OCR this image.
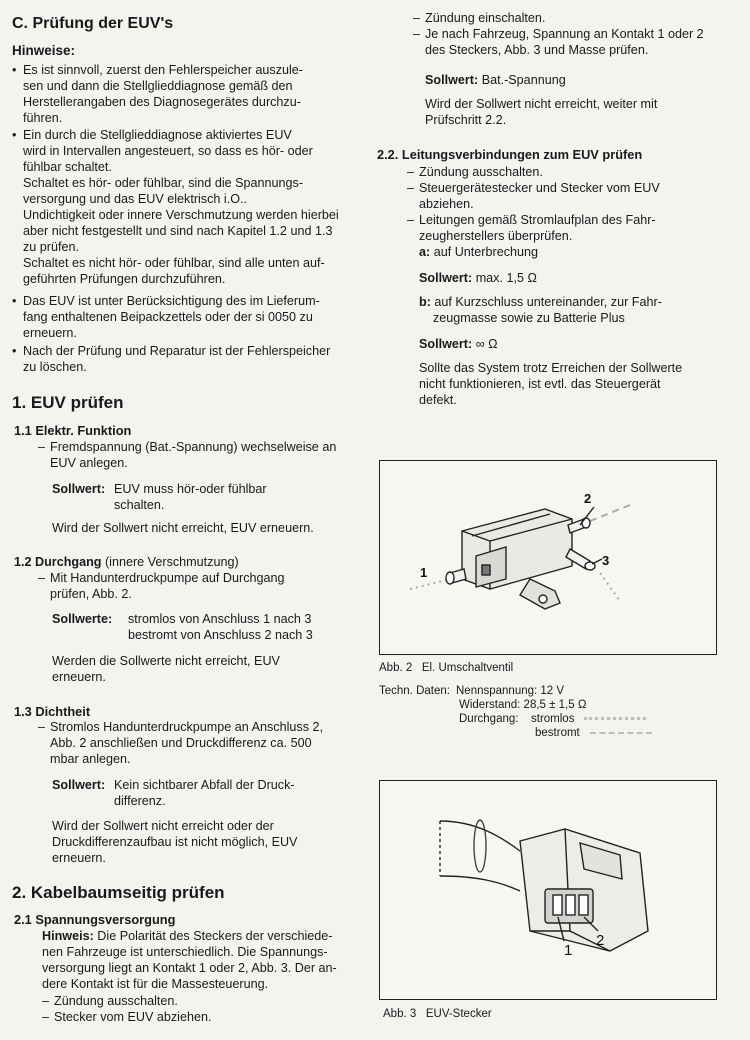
C. Prüfung der EUV's
Hinweise:
• Es ist sinnvoll, zuerst den Fehlerspeicher auszule-
sen und dann die Stellglieddiagnose gemäß den
Herstellerangaben des Diagnosegerätes durchzu-
führen.
• Ein durch die Stellglieddiagnose aktiviertes EUV
wird in Intervallen angesteuert, so dass es hör- oder
fühlbar schaltet.
Schaltet es hör- oder fühlbar, sind die Spannungs-
versorgung und das EUV elektrisch i.O..
Undichtigkeit oder innere Verschmutzung werden hierbei
aber nicht festgestellt und sind nach Kapitel 1.2 und 1.3
zu prüfen.
Schaltet es nicht hör- oder fühlbar, sind alle unten auf-
geführten Prüfungen durchzuführen.
• Das EUV ist unter Berücksichtigung des im Lieferum-
fang enthaltenen Beipackzettels oder der si 0050 zu
erneuern.
• Nach der Prüfung und Reparatur ist der Fehlerspeicher
zu löschen.
1. EUV prüfen
1.1 Elektr. Funktion
– Fremdspannung (Bat.-Spannung) wechselweise an
EUV anlegen.
Sollwert: EUV muss hör-oder fühlbar
schalten.
Wird der Sollwert nicht erreicht, EUV erneuern.
1.2 Durchgang (innere Verschmutzung)
– Mit Handunterdruckpumpe auf Durchgang
prüfen, Abb. 2.
Sollwerte: stromlos von Anschluss 1 nach 3
bestromt von Anschluss 2 nach 3
Werden die Sollwerte nicht erreicht, EUV
erneuern.
1.3 Dichtheit
– Stromlos Handunterdruckpumpe an Anschluss 2,
Abb. 2 anschließen und Druckdifferenz ca. 500
mbar anlegen.
Sollwert: Kein sichtbarer Abfall der Druck-
differenz.
Wird der Sollwert nicht erreicht oder der
Druckdifferenzaufbau ist nicht möglich, EUV
erneuern.
2. Kabelbaumseitig prüfen
2.1 Spannungsversorgung
Hinweis: Die Polarität des Steckers der verschiede-
nen Fahrzeuge ist unterschiedlich. Die Spannungs-
versorgung liegt an Kontakt 1 oder 2, Abb. 3. Der an-
dere Kontakt ist für die Massesteuerung.
– Zündung ausschalten.
– Stecker vom EUV abziehen.
– Zündung einschalten.
– Je nach Fahrzeug, Spannung an Kontakt 1 oder 2
des Steckers, Abb. 3 und Masse prüfen.
Sollwert: Bat.-Spannung
Wird der Sollwert nicht erreicht, weiter mit
Prüfschritt 2.2.
2.2. Leitungsverbindungen zum EUV prüfen
– Zündung ausschalten.
– Steuergerätestecker und Stecker vom EUV
abziehen.
– Leitungen gemäß Stromlaufplan des Fahr-
zeugherstellers überprüfen.
a: auf Unterbrechung
Sollwert: max. 1,5 Ω
b: auf Kurzschluss untereinander, zur Fahr-
zeugmasse sowie zu Batterie Plus
Sollwert: ∞ Ω
Sollte das System trotz Erreichen der Sollwerte
nicht funktionieren, ist evtl. das Steuergerät
defekt.
1
2
3
Abb. 2 El. Umschaltventil
Techn. Daten: Nennspannung: 12 V
Widerstand: 28,5 ± 1,5 Ω
Durchgang: stromlos
bestromt
1
2
Abb. 3 EUV-Stecker
